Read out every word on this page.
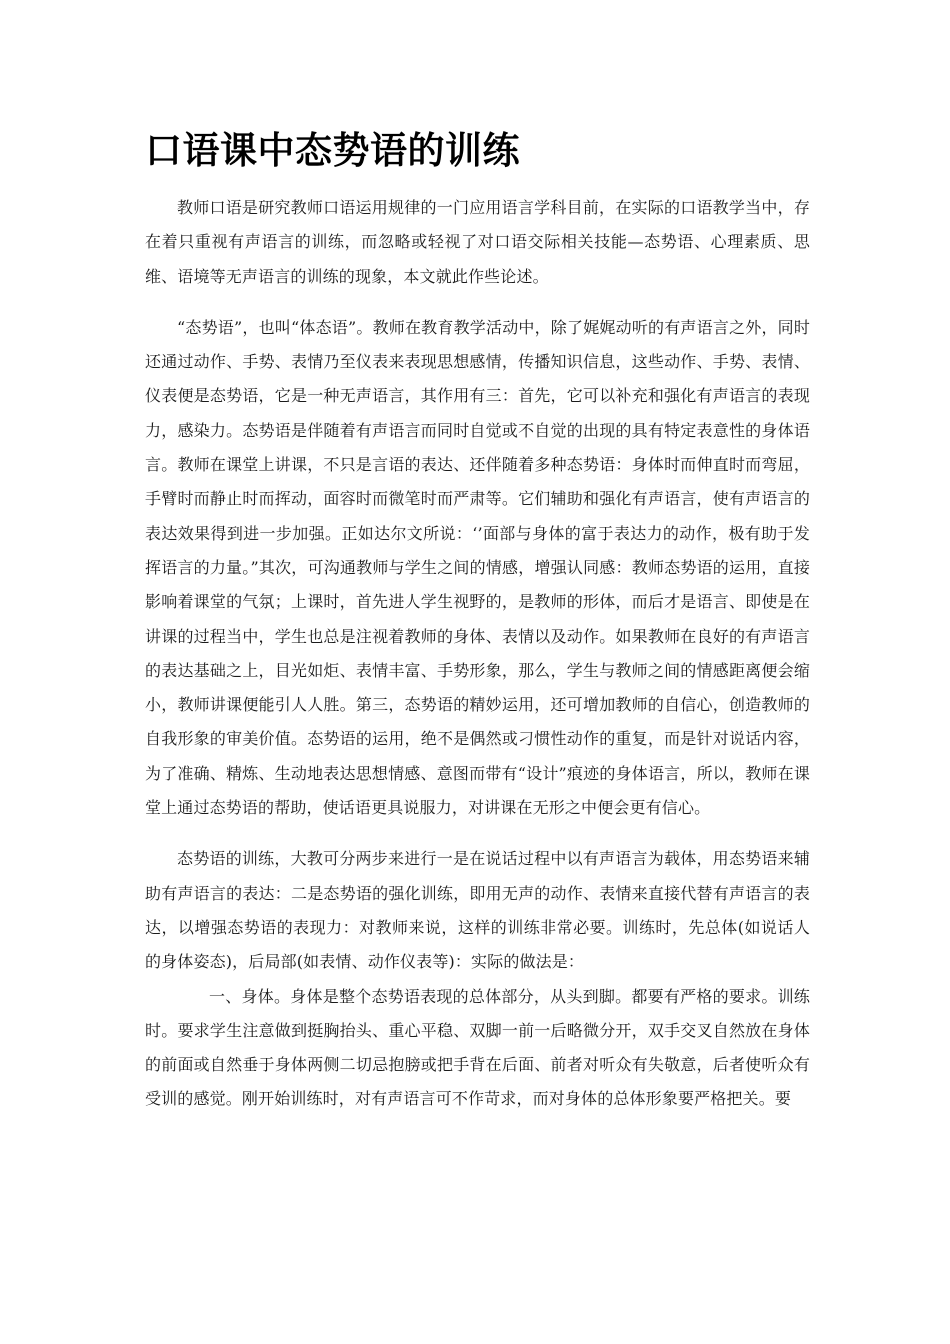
口语课中态势语的训练

教师口语是研究教师口语运用规律的一门应用语言学科目前，在实际的口语教学当中，存在着只重视有声语言的训练，而忽略或轻视了对口语交际相关技能—态势语、心理素质、思维、语境等无声语言的训练的现象，本文就此作些论述。

“态势语”，也叫“体态语”。教师在教育教学活动中，除了娓娓动听的有声语言之外，同时还通过动作、手势、表情乃至仪表来表现思想感情，传播知识信息，这些动作、手势、表情、仪表便是态势语，它是一种无声语言，其作用有三：首先，它可以补充和强化有声语言的表现力，感染力。态势语是伴随着有声语言而同时自觉或不自觉的出现的具有特定表意性的身体语言。教师在课堂上讲课，不只是言语的表达、还伴随着多种态势语：身体时而伸直时而弯屈，手臂时而静止时而挥动，面容时而微笔时而严肃等。它们辅助和强化有声语言，使有声语言的表达效果得到进一步加强。正如达尔文所说：‘’面部与身体的富于表达力的动作，极有助于发挥语言的力量。”其次，可沟通教师与学生之间的情感，增强认同感：教师态势语的运用，直接影响着课堂的气氛；上课时，首先进人学生视野的，是教师的形体，而后才是语言、即使是在讲课的过程当中，学生也总是注视着教师的身体、表情以及动作。如果教师在良好的有声语言的表达基础之上，目光如炬、表情丰富、手势形象，那么，学生与教师之间的情感距离便会缩小，教师讲课便能引人人胜。第三，态势语的精妙运用，还可增加教师的自信心，创造教师的自我形象的审美价值。态势语的运用，绝不是偶然或刁惯性动作的重复，而是针对说话内容，为了准确、精炼、生动地表达思想情感、意图而带有“设计”痕迹的身体语言，所以，教师在课堂上通过态势语的帮助，使话语更具说服力，对讲课在无形之中便会更有信心。

态势语的训练，大教可分两步来进行一是在说话过程中以有声语言为载体，用态势语来辅助有声语言的表达：二是态势语的强化训练，即用无声的动作、表情来直接代替有声语言的表达，以增强态势语的表现力：对教师来说，这样的训练非常必要。训练时，先总体(如说话人的身体姿态)，后局部(如表情、动作仪表等)：实际的做法是：

一、身体。身体是整个态势语表现的总体部分，从头到脚。都要有严格的要求。训练时。要求学生注意做到挺胸抬头、重心平稳、双脚一前一后略微分开，双手交叉自然放在身体的前面或自然垂于身体两侧二切忌抱膀或把手背在后面、前者对听众有失敬意，后者使听众有受训的感觉。刚开始训练时，对有声语言可不作苛求，而对身体的总体形象要严格把关。要
